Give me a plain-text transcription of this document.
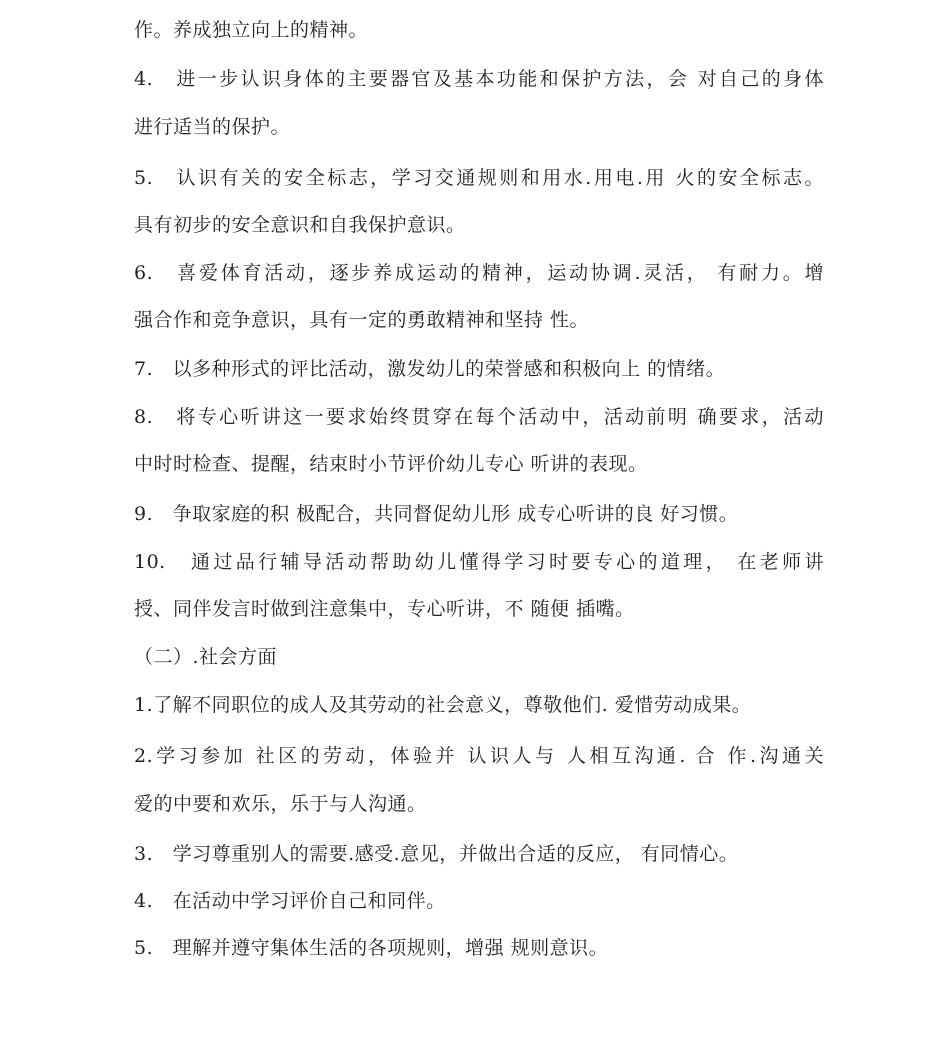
作。养成独立向上的精神。
4.　进一步认识身体的主要器官及基本功能和保护方法，会 对自己的身体
进行适当的保护。
5.　认识有关的安全标志，学习交通规则和用水.用电.用 火的安全标志。
具有初步的安全意识和自我保护意识。
6.　喜爱体育活动，逐步养成运动的精神，运动协调.灵活， 有耐力。增
强合作和竞争意识，具有一定的勇敢精神和坚持 性。
7.　以多种形式的评比活动，激发幼儿的荣誉感和积极向上 的情绪。
8.　将专心听讲这一要求始终贯穿在每个活动中，活动前明 确要求，活动
中时时检查、提醒，结束时小节评价幼儿专心 听讲的表现。
9.　争取家庭的积 极配合，共同督促幼儿形 成专心听讲的良 好习惯。
10.　通过品行辅导活动帮助幼儿懂得学习时要专心的道理， 在老师讲
授、同伴发言时做到注意集中，专心听讲，不 随便 插嘴。
（二）.社会方面
1.了解不同职位的成人及其劳动的社会意义，尊敬他们. 爱惜劳动成果。
2.学习参加 社区的劳动，体验并 认识人与 人相互沟通. 合 作.沟通关
爱的中要和欢乐，乐于与人沟通。
3.　学习尊重别人的需要.感受.意见，并做出合适的反应， 有同情心。
4.　在活动中学习评价自己和同伴。
5.　理解并遵守集体生活的各项规则，增强 规则意识。
